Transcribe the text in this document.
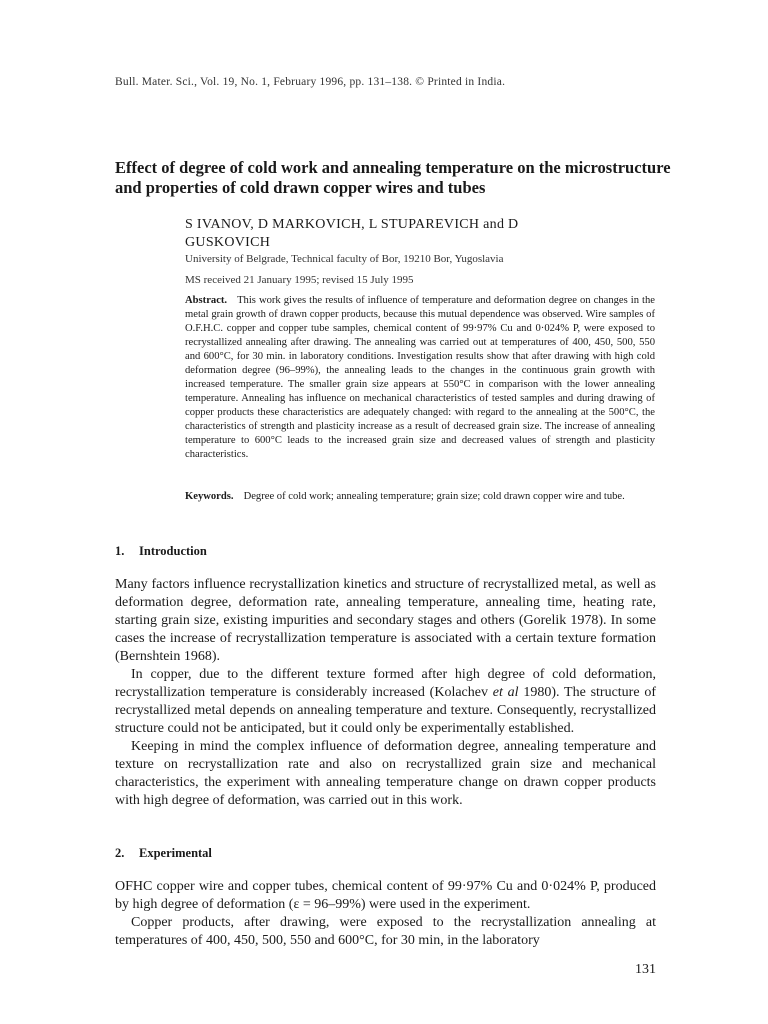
Bull. Mater. Sci., Vol. 19, No. 1, February 1996, pp. 131–138. © Printed in India.
Effect of degree of cold work and annealing temperature on the microstructure and properties of cold drawn copper wires and tubes
S IVANOV, D MARKOVICH, L STUPAREVICH and D GUSKOVICH
University of Belgrade, Technical faculty of Bor, 19210 Bor, Yugoslavia
MS received 21 January 1995; revised 15 July 1995

Abstract. This work gives the results of influence of temperature and deformation degree on changes in the metal grain growth of drawn copper products, because this mutual dependence was observed. Wire samples of O.F.H.C. copper and copper tube samples, chemical content of 99·97% Cu and 0·024% P, were exposed to recrystallized annealing after drawing. The annealing was carried out at temperatures of 400, 450, 500, 550 and 600°C, for 30 min. in laboratory conditions. Investigation results show that after drawing with high cold deformation degree (96–99%), the annealing leads to the changes in the continuous grain growth with increased temperature. The smaller grain size appears at 550°C in comparison with the lower annealing temperature. Annealing has influence on mechanical characteristics of tested samples and during drawing of copper products these characteristics are adequately changed: with regard to the annealing at the 500°C, the characteristics of strength and plasticity increase as a result of decreased grain size. The increase of annealing temperature to 600°C leads to the increased grain size and decreased values of strength and plasticity characteristics.

Keywords. Degree of cold work; annealing temperature; grain size; cold drawn copper wire and tube.

1. Introduction

Many factors influence recrystallization kinetics and structure of recrystallized metal, as well as deformation degree, deformation rate, annealing temperature, annealing time, heating rate, starting grain size, existing impurities and secondary stages and others (Gorelik 1978). In some cases the increase of recrystallization temperature is associated with a certain texture formation (Bernshtein 1968).

In copper, due to the different texture formed after high degree of cold deformation, recrystallization temperature is considerably increased (Kolachev et al 1980). The structure of recrystallized metal depends on annealing temperature and texture. Consequently, recrystallized structure could not be anticipated, but it could only be experimentally established.

Keeping in mind the complex influence of deformation degree, annealing temperature and texture on recrystallization rate and also on recrystallized grain size and mechanical characteristics, the experiment with annealing temperature change on drawn copper products with high degree of deformation, was carried out in this work.

2. Experimental

OFHC copper wire and copper tubes, chemical content of 99·97% Cu and 0·024% P, produced by high degree of deformation (ε = 96–99%) were used in the experiment.

Copper products, after drawing, were exposed to the recrystallization annealing at temperatures of 400, 450, 500, 550 and 600°C, for 30 min, in the laboratory

131
